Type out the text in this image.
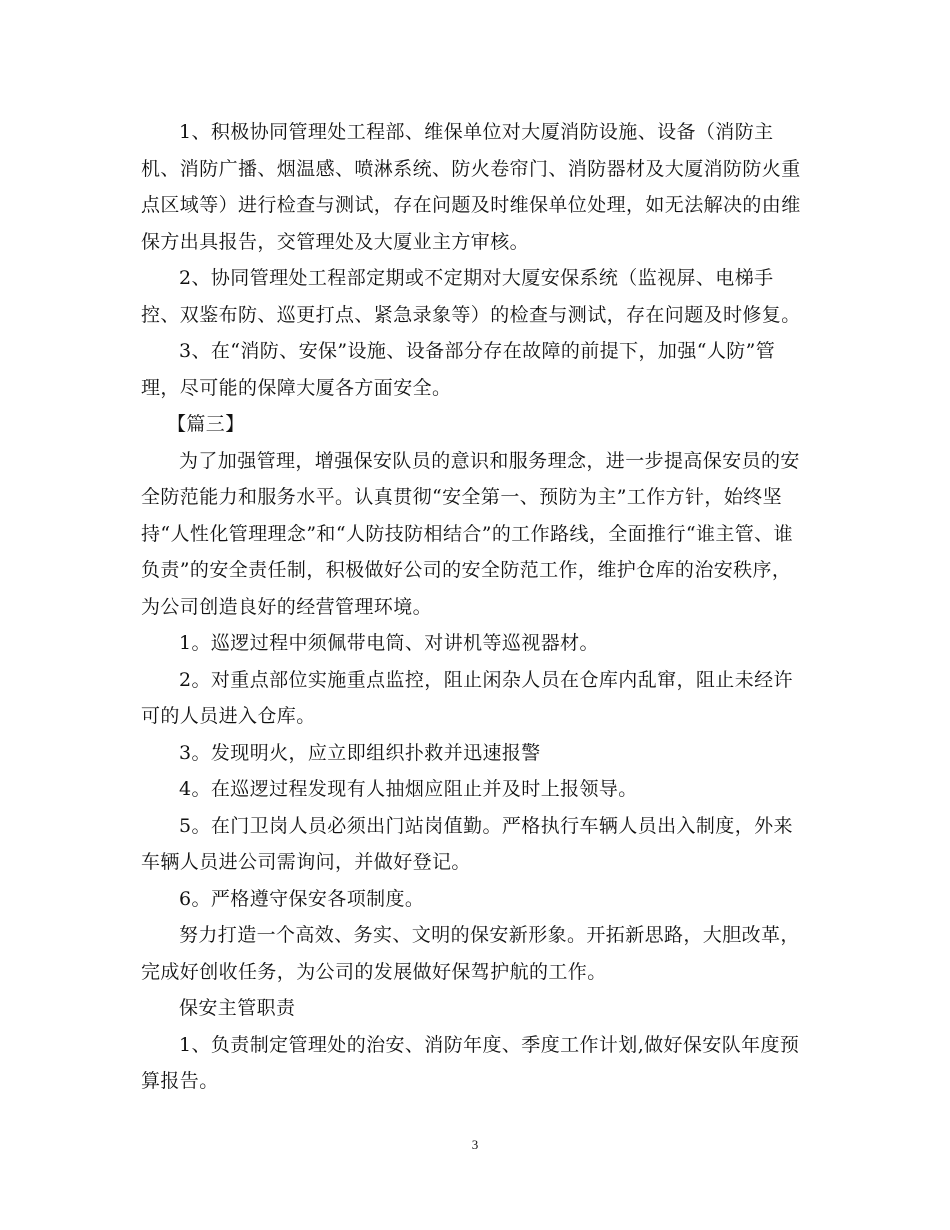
1、积极协同管理处工程部、维保单位对大厦消防设施、设备（消防主机、消防广播、烟温感、喷淋系统、防火卷帘门、消防器材及大厦消防防火重点区域等）进行检查与测试，存在问题及时维保单位处理，如无法解决的由维保方出具报告，交管理处及大厦业主方审核。

2、协同管理处工程部定期或不定期对大厦安保系统（监视屏、电梯手控、双鉴布防、巡更打点、紧急录象等）的检查与测试，存在问题及时修复。

3、在“消防、安保”设施、设备部分存在故障的前提下，加强“人防”管理，尽可能的保障大厦各方面安全。

【篇三】

为了加强管理，增强保安队员的意识和服务理念，进一步提高保安员的安全防范能力和服务水平。认真贯彻“安全第一、预防为主”工作方针，始终坚持“人性化管理理念”和“人防技防相结合”的工作路线，全面推行“谁主管、谁负责”的安全责任制，积极做好公司的安全防范工作，维护仓库的治安秩序，为公司创造良好的经营管理环境。

1。巡逻过程中须佩带电筒、对讲机等巡视器材。

2。对重点部位实施重点监控，阻止闲杂人员在仓库内乱窜，阻止未经许可的人员进入仓库。

3。发现明火，应立即组织扑救并迅速报警

4。在巡逻过程发现有人抽烟应阻止并及时上报领导。

5。在门卫岗人员必须出门站岗值勤。严格执行车辆人员出入制度，外来车辆人员进公司需询问，并做好登记。

6。严格遵守保安各项制度。

努力打造一个高效、务实、文明的保安新形象。开拓新思路，大胆改革，完成好创收任务，为公司的发展做好保驾护航的工作。

保安主管职责

1、负责制定管理处的治安、消防年度、季度工作计划,做好保安队年度预算报告。

3
